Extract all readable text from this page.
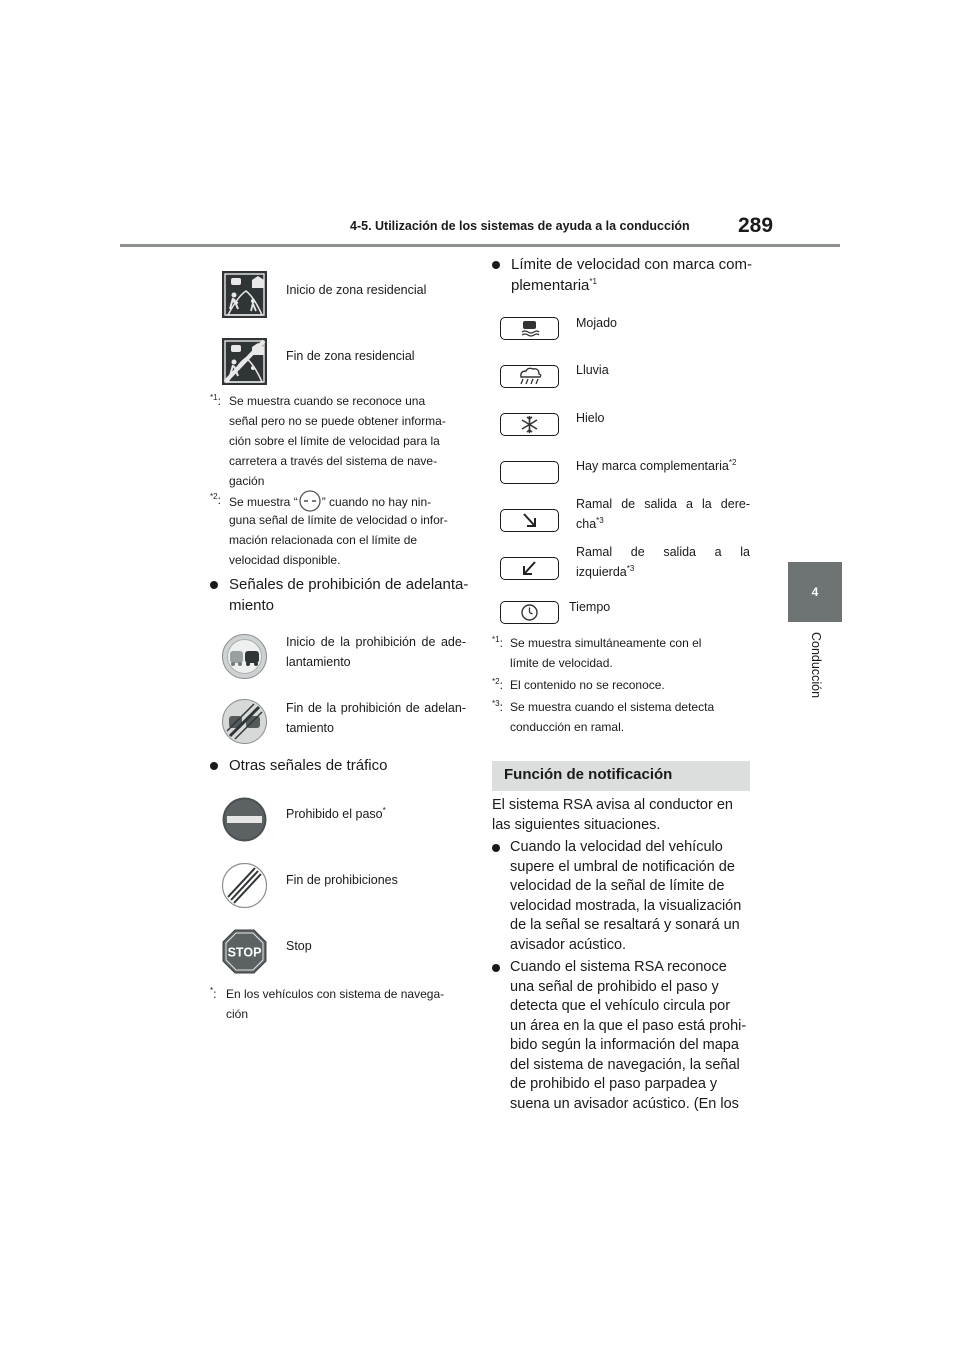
4-5. Utilización de los sistemas de ayuda a la conducción 289
4
Conducción
Inicio de zona residencial
Fin de zona residencial
$^{*1}$: Se muestra cuando se reconoce una
señal pero no se puede obtener informa-
ción sobre el límite de velocidad para la
carretera a través del sistema de nave-
gación
$^{*2}$: Se muestra “ ” cuando no hay nin-
guna señal de límite de velocidad o infor-
mación relacionada con el límite de
velocidad disponible.
Señales de prohibición de adelanta-
miento
Inicio de la prohibición de ade-
lantamiento
Fin de la prohibición de adelan-
tamiento
Otras señales de tráfico
Prohibido el paso*
Fin de prohibiciones
STOP Stop
*: En los vehículos con sistema de navega-
ción
Límite de velocidad con marca com-
plementaria$^{*1}$
Mojado
Lluvia
Hielo
Hay marca complementaria$^{*2}$
Ramal de salida a la dere-
cha$^{*3}$
Ramal de salida a la
izquierda$^{*3}$
Tiempo
$^{*1}$: Se muestra simultáneamente con el
límite de velocidad.
$^{*2}$: El contenido no se reconoce.
$^{*3}$: Se muestra cuando el sistema detecta
conducción en ramal.
Función de notificación
El sistema RSA avisa al conductor en
las siguientes situaciones.
Cuando la velocidad del vehículo
supere el umbral de notificación de
velocidad de la señal de límite de
velocidad mostrada, la visualización
de la señal se resaltará y sonará un
avisador acústico.
Cuando el sistema RSA reconoce
una señal de prohibido el paso y
detecta que el vehículo circula por
un área en la que el paso está prohi-
bido según la información del mapa
del sistema de navegación, la señal
de prohibido el paso parpadea y
suena un avisador acústico. (En los
